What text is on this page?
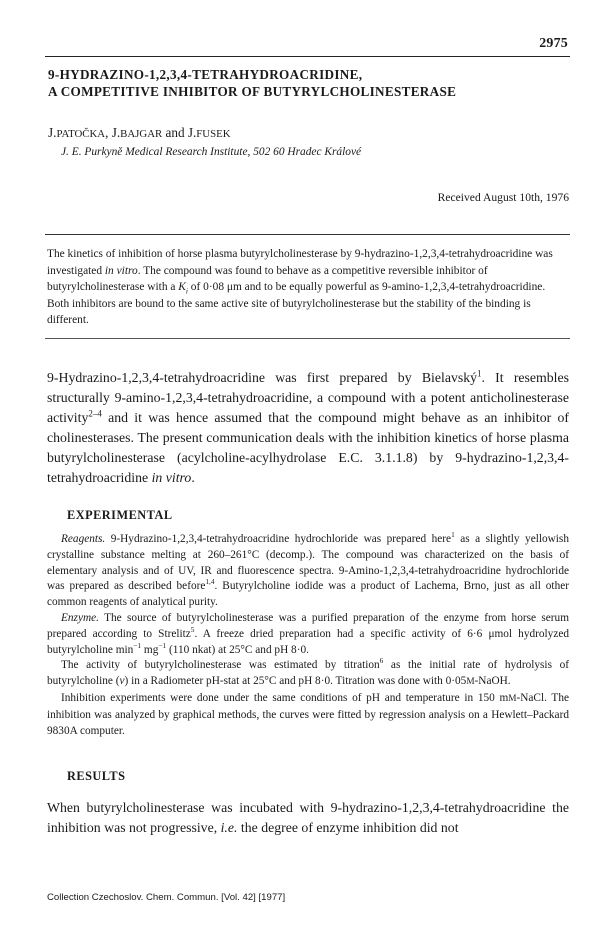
2975
9-HYDRAZINO-1,2,3,4-TETRAHYDROACRIDINE,
A COMPETITIVE INHIBITOR OF BUTYRYLCHOLINESTERASE
J.PATOČKA, J.BAJGAR and J.FUSEK
J. E. Purkyně Medical Research Institute, 502 60 Hradec Králové
Received August 10th, 1976
The kinetics of inhibition of horse plasma butyrylcholinesterase by 9-hydrazino-1,2,3,4-tetrahydroacridine was investigated in vitro. The compound was found to behave as a competitive reversible inhibitor of butyrylcholinesterase with a $K_i$ of 0·08 μm and to be equally powerful as 9-amino-1,2,3,4-tetrahydroacridine. Both inhibitors are bound to the same active site of butyrylcholinesterase but the stability of the binding is different.
9-Hydrazino-1,2,3,4-tetrahydroacridine was first prepared by Bielavský$^1$. It resembles structurally 9-amino-1,2,3,4-tetrahydroacridine, a compound with a potent anticholinesterase activity$^{2-4}$ and it was hence assumed that the compound might behave as an inhibitor of cholinesterases. The present communication deals with the inhibition kinetics of horse plasma butyrylcholinesterase (acylcholine-acylhydrolase E.C. 3.1.1.8) by 9-hydrazino-1,2,3,4-tetrahydroacridine in vitro.
EXPERIMENTAL

Reagents. 9-Hydrazino-1,2,3,4-tetrahydroacridine hydrochloride was prepared here$^1$ as a slightly yellowish crystalline substance melting at 260–261°C (decomp.). The compound was characterized on the basis of elementary analysis and of UV, IR and fluorescence spectra. 9-Amino-1,2,3,4-tetrahydroacridine hydrochloride was prepared as described before$^{1,4}$. Butyrylcholine iodide was a product of Lachema, Brno, just as all other common reagents of analytical purity.

Enzyme. The source of butyrylcholinesterase was a purified preparation of the enzyme from horse serum prepared according to Strelitz$^5$. A freeze dried preparation had a specific activity of 6·6 μmol hydrolyzed butyrylcholine $\min^{-1} mg^{-1}$ (110 nkat) at 25°C and pH 8·0.

The activity of butyrylcholinesterase was estimated by titration$^6$ as the initial rate of hydrolysis of butyrylcholine (v) in a Radiometer pH-stat at 25°C and pH 8·0. Titration was done with 0·05M-NaOH.

Inhibition experiments were done under the same conditions of pH and temperature in 150 mM-NaCl. The inhibition was analyzed by graphical methods, the curves were fitted by regression analysis on a Hewlett–Packard 9830A computer.

RESULTS
When butyrylcholinesterase was incubated with 9-hydrazino-1,2,3,4-tetrahydroacridine the inhibition was not progressive, i.e. the degree of enzyme inhibition did not
Collection Czechoslov. Chem. Commun. [Vol. 42] [1977]
